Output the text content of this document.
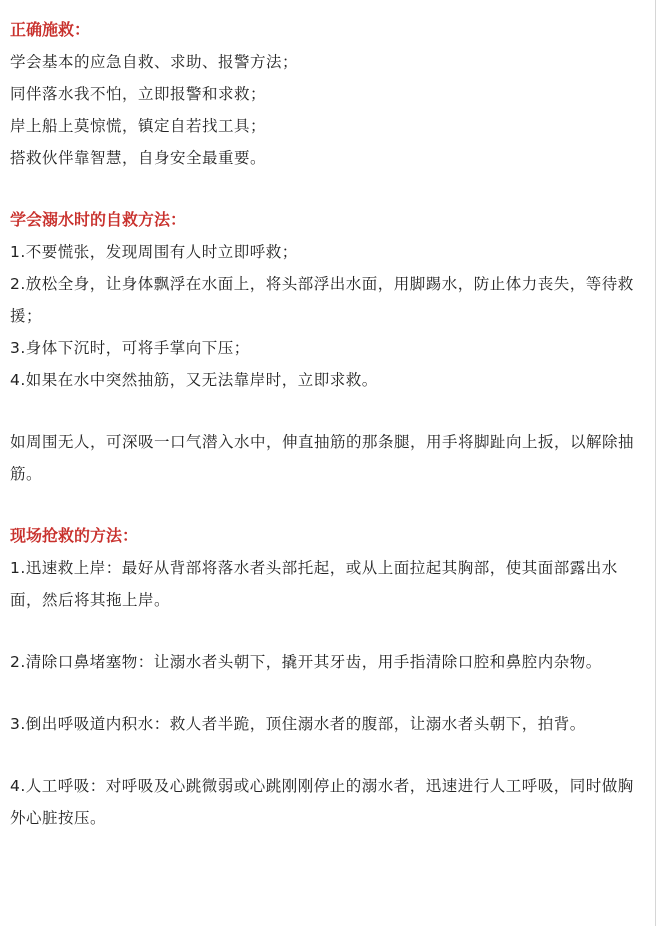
正确施救：
学会基本的应急自救、求助、报警方法；
同伴落水我不怕，立即报警和求救；
岸上船上莫惊慌，镇定自若找工具；
搭救伙伴靠智慧，自身安全最重要。
学会溺水时的自救方法：
1.不要慌张，发现周围有人时立即呼救；
2.放松全身，让身体飘浮在水面上，将头部浮出水面，用脚踢水，防止体力丧失，等待救援；
3.身体下沉时，可将手掌向下压；
4.如果在水中突然抽筋，又无法靠岸时，立即求救。
如周围无人，可深吸一口气潜入水中，伸直抽筋的那条腿，用手将脚趾向上扳，以解除抽筋。
现场抢救的方法：
1.迅速救上岸：最好从背部将落水者头部托起，或从上面拉起其胸部，使其面部露出水面，然后将其拖上岸。
2.清除口鼻堵塞物：让溺水者头朝下，撬开其牙齿，用手指清除口腔和鼻腔内杂物。
3.倒出呼吸道内积水：救人者半跪，顶住溺水者的腹部，让溺水者头朝下，拍背。
4.人工呼吸：对呼吸及心跳微弱或心跳刚刚停止的溺水者，迅速进行人工呼吸，同时做胸外心脏按压。
